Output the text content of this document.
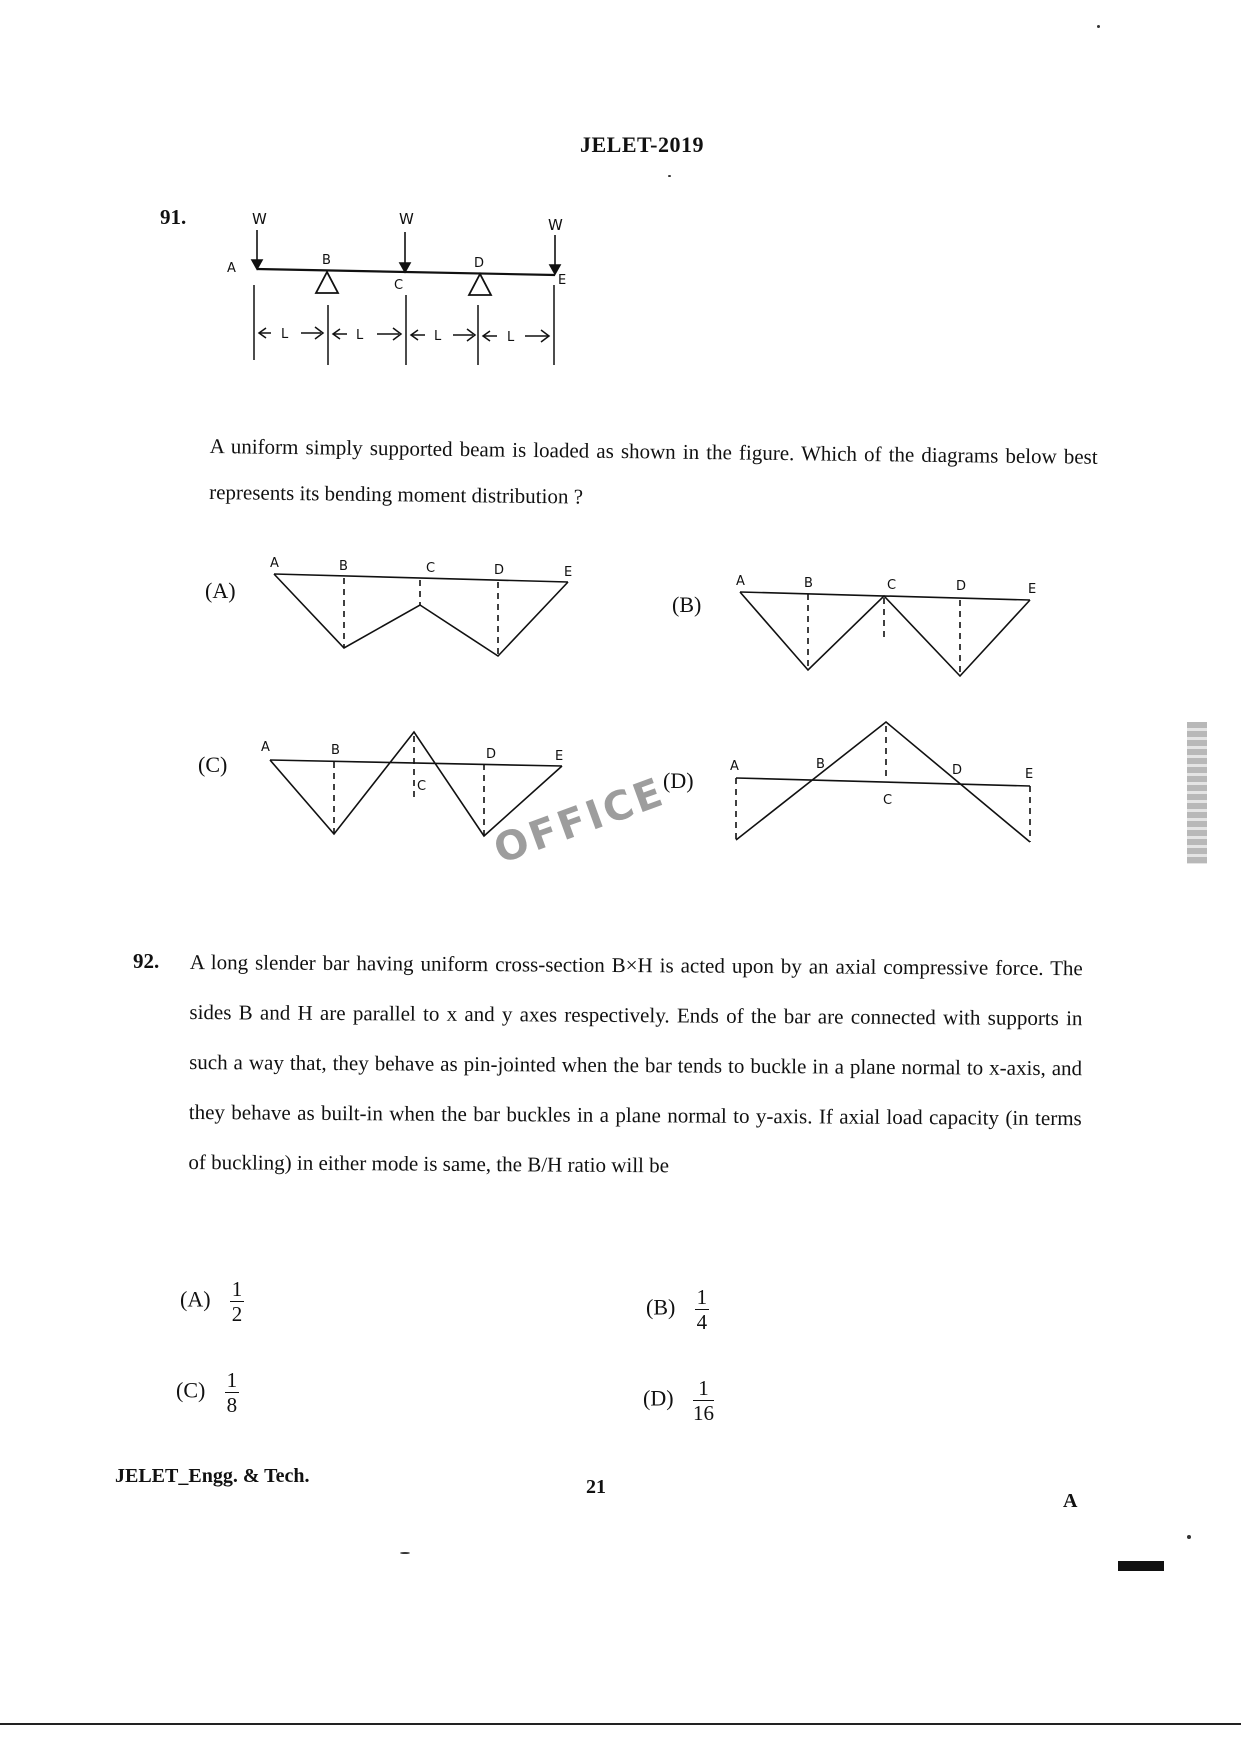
JELET-2019
91.	W	W	W
A
B
C
D
E
L	L	L	L
A uniform simply supported beam is loaded as shown in the figure. Which of the diagrams below best represents its bending moment distribution ?
(A)
(B)
(C)
(D)
A	B	C	D	E
A	B	C	D	E
A	B
C
D	E
A	B
C
D	E
OFFICE
92. A long slender bar having uniform cross-section B×H is acted upon by an axial compressive force. The sides B and H are parallel to x and y axes respectively. Ends of the bar are connected with supports in such a way that, they behave as pin-jointed when the bar tends to buckle in a plane normal to x-axis, and they behave as built-in when the bar buckles in a plane normal to y-axis. If axial load capacity (in terms of buckling) in either mode is same, the B/H ratio will be
$(A) \frac{1}{2}$	$(B) \frac{1}{4}$
$(C) \frac{1}{8}$	$(D) \frac{1}{16}$
JELET_Engg. & Tech.	21
A
